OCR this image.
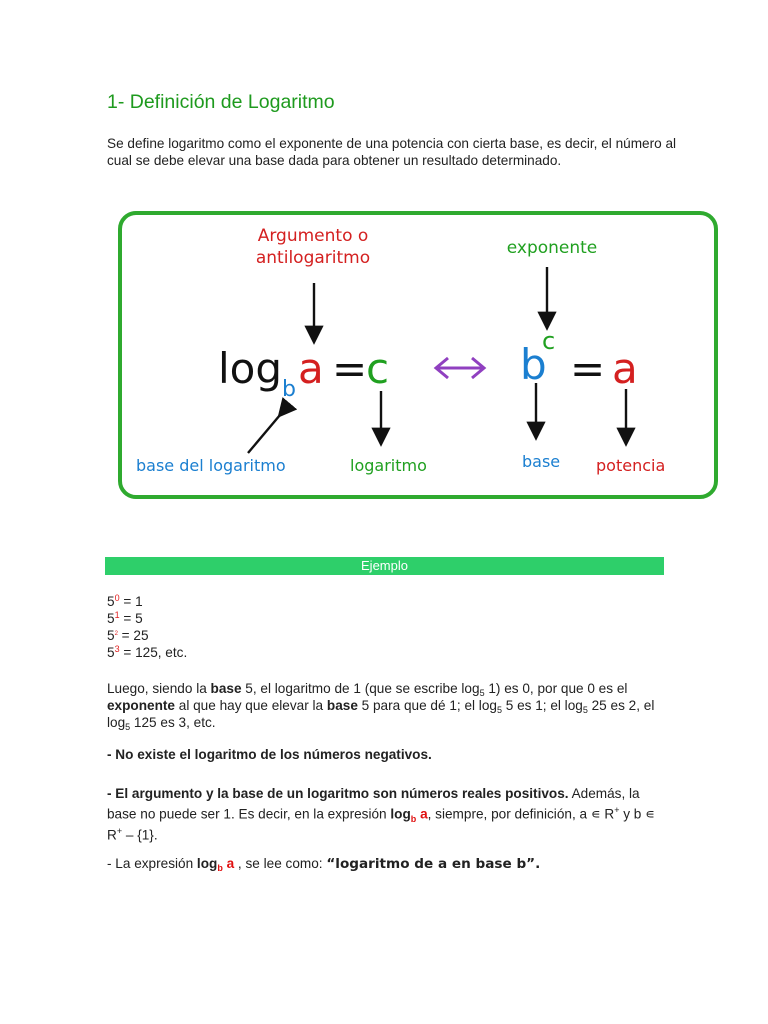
1- Definición de Logaritmo

Se define logaritmo como el exponente de una potencia con cierta base, es decir, el número al cual se debe elevar una base dada para obtener un resultado determinado.

Argumento o
antilogaritmo	exponente
log b a =
c	b
c
= a
base del logaritmo	logaritmo	base potencia
Ejemplo
$5^0 = 1$
$5^1 = 5$
$5^2 = 25$
$5^3 = 125$, etc.

Luego, siendo la base 5, el logaritmo de 1 (que se escribe $\log_5 1$) es 0, por que 0 es el exponente al que hay que elevar la base 5 para que dé 1; el $\log_5 5$ es 1; el $\log_5 25$ es 2, el $\log_5 125$ es 3, etc.

- No existe el logaritmo de los números negativos.

- El argumento y la base de un logaritmo son números reales positivos. Además, la base no puede ser 1. Es decir, en la expresión $\log_b a$, siempre, por definición, a ∊ R+ y b ∊ R+ – {1}.

- La expresión $\log_b a$ , se lee como: “logaritmo de a en base b”.
